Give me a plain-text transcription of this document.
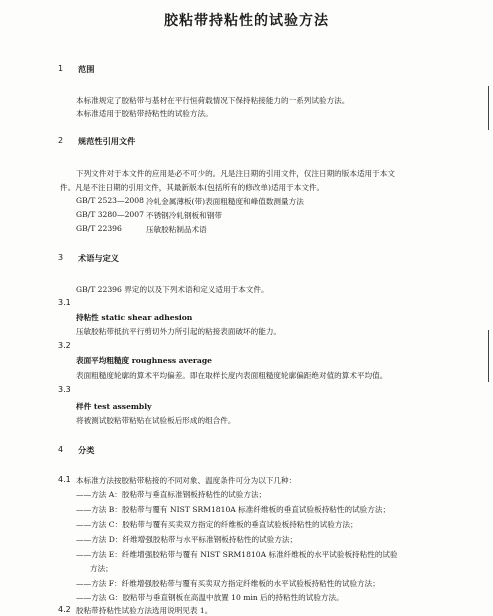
胶粘带持粘性的试验方法
1 范围
本标准规定了胶粘带与基材在平行恒荷载情况下保持粘接能力的一系列试验方法。
本标准适用于胶粘带持粘性的试验方法。
2 规范性引用文件
下列文件对于本文件的应用是必不可少的。凡是注日期的引用文件，仅注日期的版本适用于本文
件。凡是不注日期的引用文件，其最新版本(包括所有的修改单)适用于本文件。
GB/T 2523—2008 冷轧金属薄板(带)表面粗糙度和峰值数测量方法
GB/T 3280—2007 不锈钢冷轧钢板和钢带
GB/T 22396	压敏胶粘制品术语
3 术语与定义
GB/T 22396 界定的以及下列术语和定义适用于本文件。
3.1
持粘性 static shear adhesion
压敏胶粘带抵抗平行剪切外力所引起的粘接表面破坏的能力。
3.2
表面平均粗糙度 roughness average
表面粗糙度轮廓的算术平均偏差。即在取样长度内表面粗糙度轮廓偏距绝对值的算术平均值。
3.3
样件 test assembly
将被测试胶粘带粘贴在试验板后形成的组合件。
4 分类
4.1 本标准方法按胶粘带粘接的不同对象、温度条件可分为以下几种：
——方法 A：胶粘带与垂直标准钢板持粘性的试验方法；
——方法 B：胶粘带与覆有 NIST SRM1810A 标准纤维板的垂直试验板持粘性的试验方法；
——方法 C：胶粘带与覆有买卖双方指定的纤维板的垂直试验板持粘性的试验方法；
——方法 D：纤维增强胶粘带与水平标准钢板持粘性的试验方法；
——方法 E：纤维增强胶粘带与覆有 NIST SRM1810A 标准纤维板的水平试验板持粘性的试验
方法；
——方法 F：纤维增强胶粘带与覆有买卖双方指定纤维板的水平试验板持粘性的试验方法；
——方法 G：胶粘带与垂直钢板在高温中放置 10 min 后的持粘性的试验方法。
4.2 胶粘带持粘性试验方法选用说明见表 1。
